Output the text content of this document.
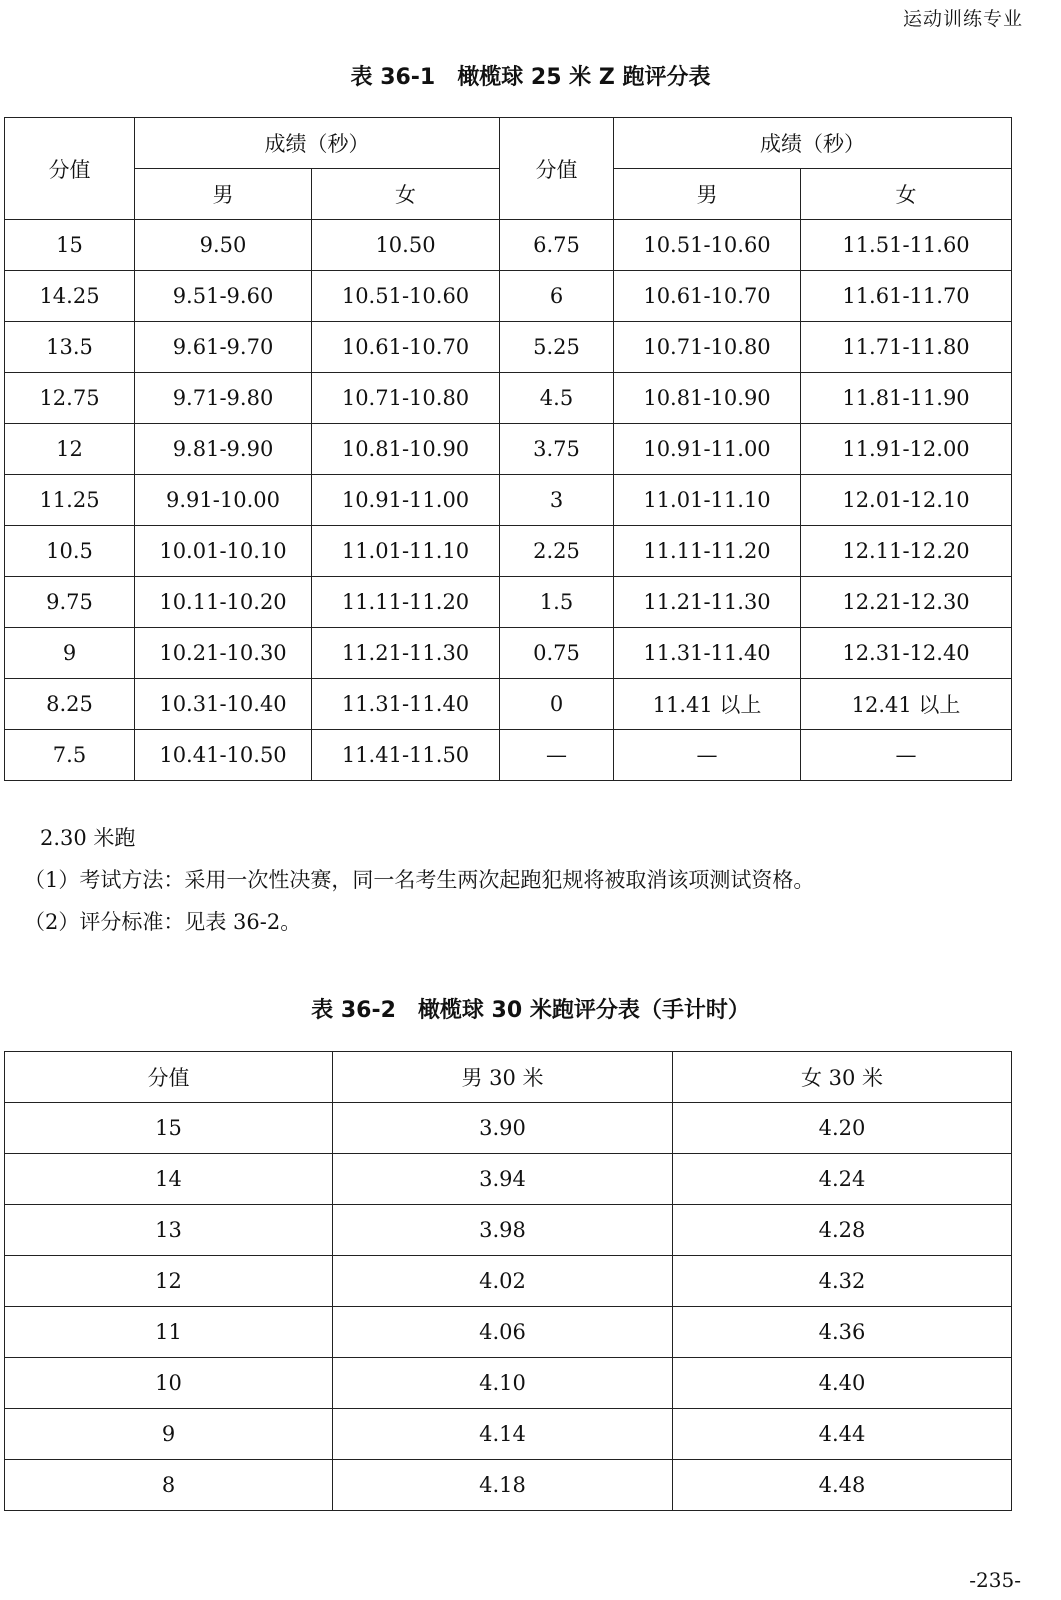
运动训练专业
表 36-1　橄榄球 25 米 Z 跑评分表
分值	成绩（秒）		分值	成绩（秒）	
	男	女		男	女
15	9.50	10.50	6.75	10.51-10.60	11.51-11.60
14.25	9.51-9.60	10.51-10.60	6	10.61-10.70	11.61-11.70
13.5	9.61-9.70	10.61-10.70	5.25	10.71-10.80	11.71-11.80
12.75	9.71-9.80	10.71-10.80	4.5	10.81-10.90	11.81-11.90
12	9.81-9.90	10.81-10.90	3.75	10.91-11.00	11.91-12.00
11.25	9.91-10.00	10.91-11.00	3	11.01-11.10	12.01-12.10
10.5	10.01-10.10	11.01-11.10	2.25	11.11-11.20	12.11-12.20
9.75	10.11-10.20	11.11-11.20	1.5	11.21-11.30	12.21-12.30
9	10.21-10.30	11.21-11.30	0.75	11.31-11.40	12.31-12.40
8.25	10.31-10.40	11.31-11.40	0	11.41 以上	12.41 以上
7.5	10.41-10.50	11.41-11.50	—	—	—
2.30 米跑
（1）考试方法：采用一次性决赛，同一名考生两次起跑犯规将被取消该项测试资格。
（2）评分标准：见表 36-2。
表 36-2　橄榄球 30 米跑评分表（手计时）
分值	男 30 米	女 30 米
15	3.90	4.20
14	3.94	4.24
13	3.98	4.28
12	4.02	4.32
11	4.06	4.36
10	4.10	4.40
9	4.14	4.44
8	4.18	4.48
-235-
